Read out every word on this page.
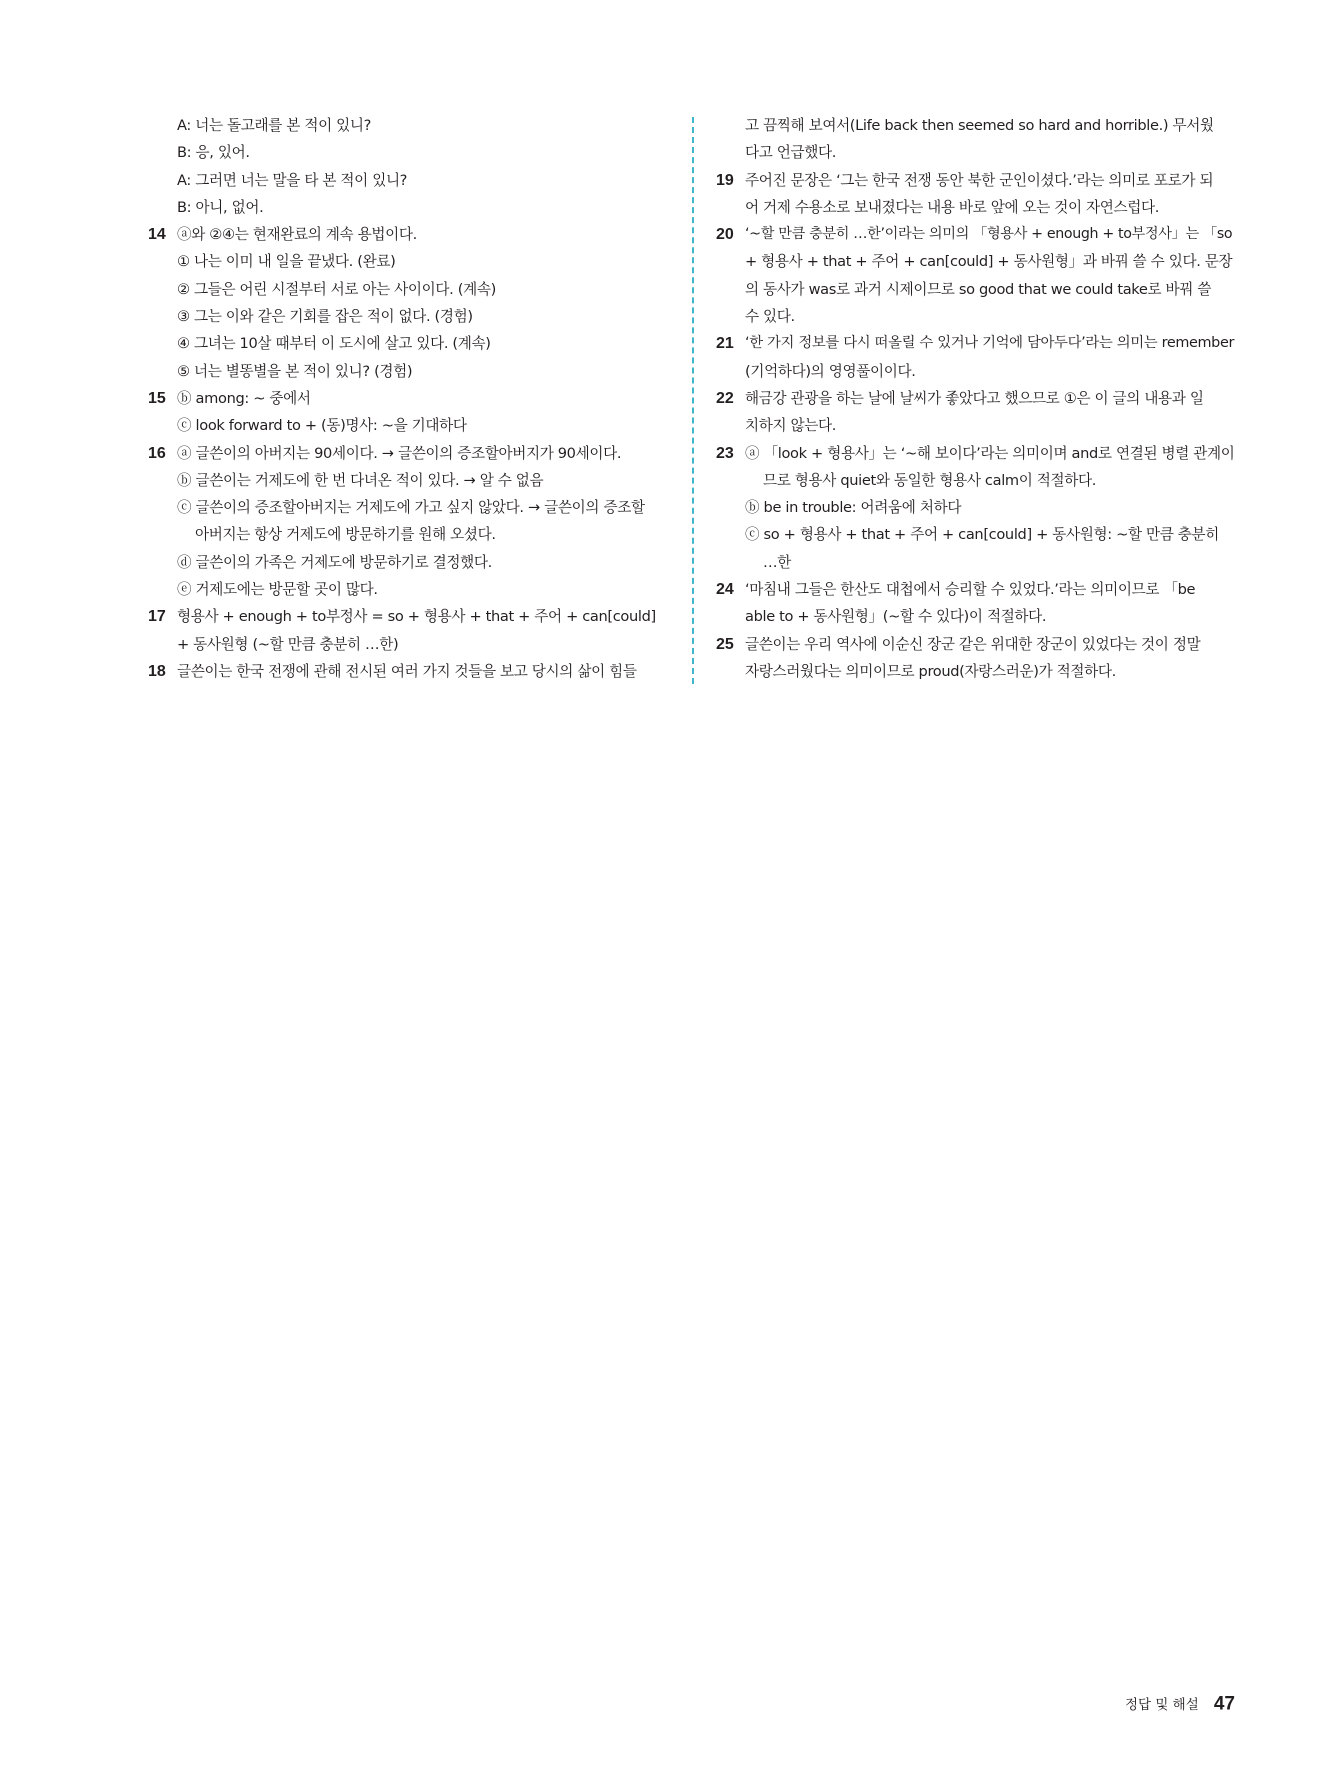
A: 너는 돌고래를 본 적이 있니?
B: 응, 있어.
A: 그러면 너는 말을 타 본 적이 있니?
B: 아니, 없어.
14 ⓐ와 ②④는 현재완료의 계속 용법이다.
① 나는 이미 내 일을 끝냈다. (완료)
② 그들은 어린 시절부터 서로 아는 사이이다. (계속)
③ 그는 이와 같은 기회를 잡은 적이 없다. (경험)
④ 그녀는 10살 때부터 이 도시에 살고 있다. (계속)
⑤ 너는 별똥별을 본 적이 있니? (경험)
15 ⓑ among: ~ 중에서
ⓒ look forward to + (동)명사: ~을 기대하다
16 ⓐ 글쓴이의 아버지는 90세이다. → 글쓴이의 증조할아버지가 90세이다.
ⓑ 글쓴이는 거제도에 한 번 다녀온 적이 있다. → 알 수 없음
ⓒ 글쓴이의 증조할아버지는 거제도에 가고 싶지 않았다. → 글쓴이의 증조할
아버지는 항상 거제도에 방문하기를 원해 오셨다.
ⓓ 글쓴이의 가족은 거제도에 방문하기로 결정했다.
ⓔ 거제도에는 방문할 곳이 많다.
17 형용사 + enough + to부정사 = so + 형용사 + that + 주어 + can[could]
+ 동사원형 (~할 만큼 충분히 …한)
18 글쓴이는 한국 전쟁에 관해 전시된 여러 가지 것들을 보고 당시의 삶이 힘들
고 끔찍해 보여서(Life back then seemed so hard and horrible.) 무서웠
다고 언급했다.
19 주어진 문장은 ‘그는 한국 전쟁 동안 북한 군인이셨다.’라는 의미로 포로가 되
어 거제 수용소로 보내졌다는 내용 바로 앞에 오는 것이 자연스럽다.
20 ‘~할 만큼 충분히 …한’이라는 의미의 「형용사 + enough + to부정사」는 「so
+ 형용사 + that + 주어 + can[could] + 동사원형」과 바꿔 쓸 수 있다. 문장
의 동사가 was로 과거 시제이므로 so good that we could take로 바꿔 쓸
수 있다.
21 ‘한 가지 정보를 다시 떠올릴 수 있거나 기억에 담아두다’라는 의미는 remember
(기억하다)의 영영풀이이다.
22 해금강 관광을 하는 날에 날씨가 좋았다고 했으므로 ①은 이 글의 내용과 일
치하지 않는다.
23 ⓐ 「look + 형용사」는 ‘~해 보이다’라는 의미이며 and로 연결된 병렬 관계이
므로 형용사 quiet와 동일한 형용사 calm이 적절하다.
ⓑ be in trouble: 어려움에 처하다
ⓒ so + 형용사 + that + 주어 + can[could] + 동사원형: ~할 만큼 충분히
…한
24 ‘마침내 그들은 한산도 대첩에서 승리할 수 있었다.’라는 의미이므로 「be
able to + 동사원형」(~할 수 있다)이 적절하다.
25 글쓴이는 우리 역사에 이순신 장군 같은 위대한 장군이 있었다는 것이 정말
자랑스러웠다는 의미이므로 proud(자랑스러운)가 적절하다.
정답 및 해설 47
